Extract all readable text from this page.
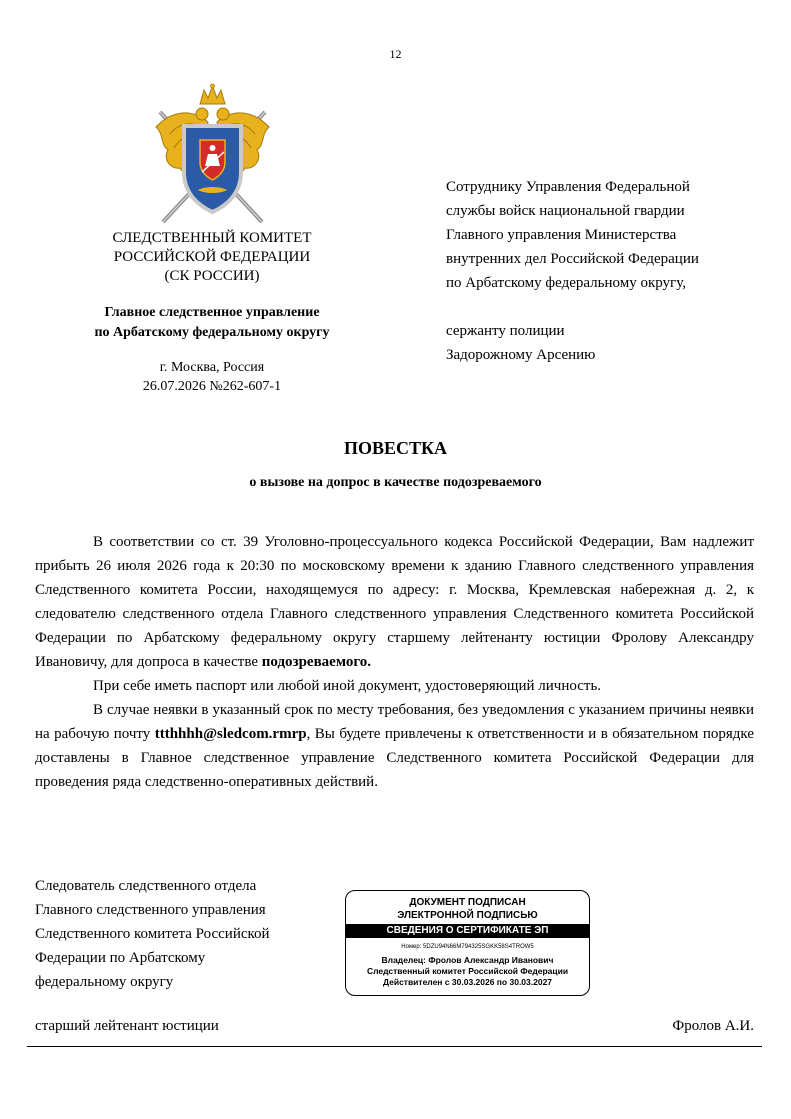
12
СЛЕДСТВЕННЫЙ КОМИТЕТ
РОССИЙСКОЙ ФЕДЕРАЦИИ
(СК РОССИИ)
Главное следственное управление
по Арбатскому федеральному округу
г. Москва, Россия
26.07.2026 №262-607-1
Сотруднику Управления Федеральной
службы войск национальной гвардии
Главного управления Министерства
внутренних дел Российской Федерации
по Арбатскому федеральному округу,
сержанту полиции
Задорожному Арсению
ПОВЕСТКА
о вызове на допрос в качестве подозреваемого

В соответствии со ст. 39 Уголовно-процессуального кодекса Российской Федерации, Вам надлежит прибыть 26 июля 2026 года к 20:30 по московскому времени к зданию Главного следственного управления Следственного комитета России, находящемуся по адресу: г. Москва, Кремлевская набережная д. 2, к следователю следственного отдела Главного следственного управления Следственного комитета Российской Федерации по Арбатскому федеральному округу старшему лейтенанту юстиции Фролову Александру Ивановичу, для допроса в качестве подозреваемого.

При себе иметь паспорт или любой иной документ, удостоверяющий личность.

В случае неявки в указанный срок по месту требования, без уведомления с указанием причины неявки на рабочую почту ttthhhh@sledcom.rmrp, Вы будете привлечены к ответственности и в обязательном порядке доставлены в Главное следственное управление Следственного комитета Российской Федерации для проведения ряда следственно-оперативных действий.

Следователь следственного отдела
Главного следственного управления
Следственного комитета Российской
Федерации по Арбатскому
федеральному округу
ДОКУМЕНТ ПОДПИСАН
ЭЛЕКТРОННОЙ ПОДПИСЬЮ
СВЕДЕНИЯ О СЕРТИФИКАТЕ ЭП
Номер: 5DZU94N66M794325SGKK58S4TROW5
Владелец: Фролов Александр Иванович
Следственный комитет Российской Федерации
Действителен с 30.03.2026 по 30.03.2027
старший лейтенант юстиции	Фролов А.И.
